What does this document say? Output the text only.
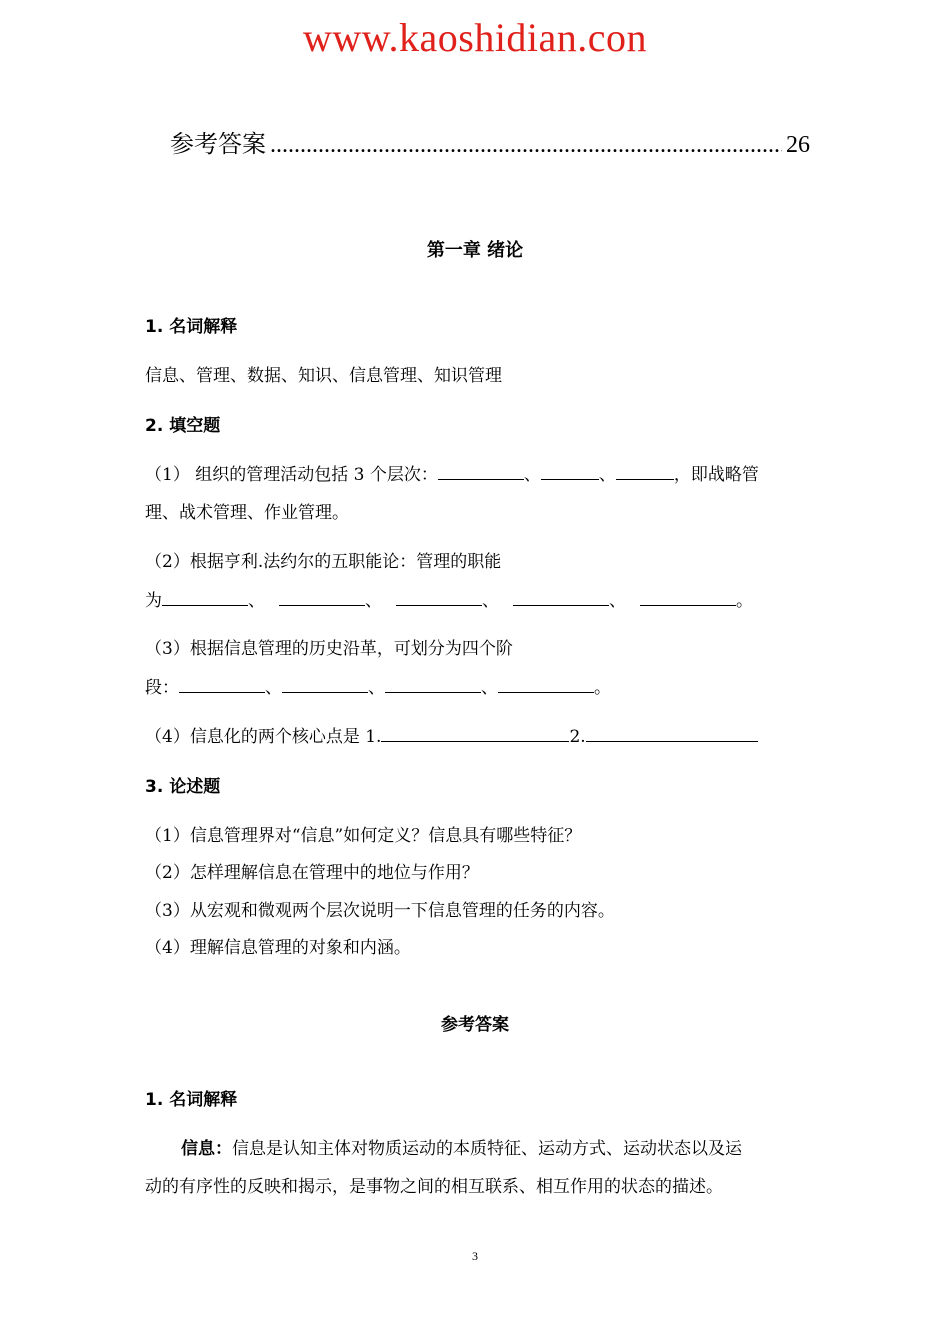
www.kaoshidian.con
参考答案
.....	26
第一章 绪论
1. 名词解释
信息、管理、数据、知识、信息管理、知识管理
2. 填空题
（1） 组织的管理活动包括 3 个层次：	、	、	，即战略管
理、战术管理、作业管理。
（2）根据亨利.法约尔的五职能论：管理的职能
为	、	、	、	、	。
（3）根据信息管理的历史沿革，可划分为四个阶
段：	、	、	、	。
（4）信息化的两个核心点是 1.	2.
3. 论述题
（1）信息管理界对“信息”如何定义？信息具有哪些特征？
（2）怎样理解信息在管理中的地位与作用？
（3）从宏观和微观两个层次说明一下信息管理的任务的内容。
（4）理解信息管理的对象和内涵。
参考答案
1. 名词解释
信息：信息是认知主体对物质运动的本质特征、运动方式、运动状态以及运
动的有序性的反映和揭示，是事物之间的相互联系、相互作用的状态的描述。
3
